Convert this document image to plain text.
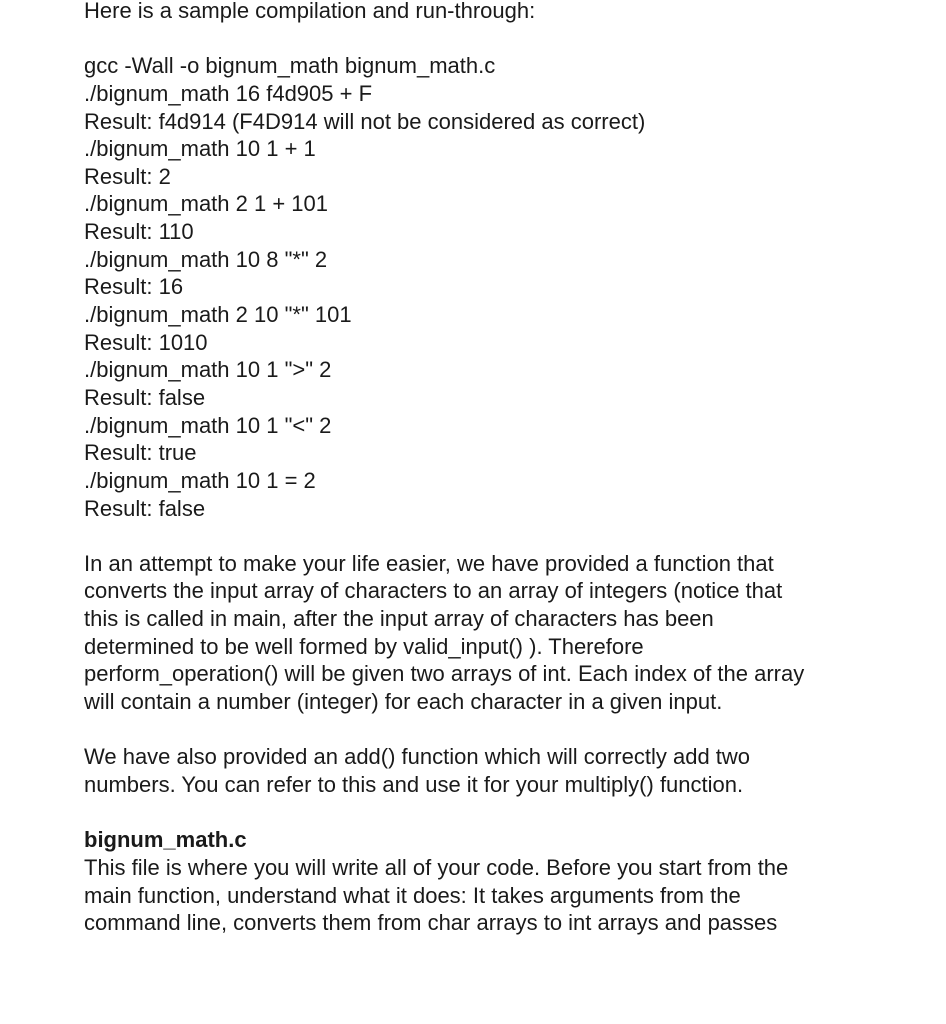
Here is a sample compilation and run-through:
gcc -Wall -o bignum_math bignum_math.c
./bignum_math 16 f4d905 + F
Result: f4d914 (F4D914 will not be considered as correct)
./bignum_math 10 1 + 1
Result: 2
./bignum_math 2 1 + 101
Result: 110
./bignum_math 10 8 "*" 2
Result: 16
./bignum_math 2 10 "*" 101
Result: 1010
./bignum_math 10 1 ">" 2
Result: false
./bignum_math 10 1 "<" 2
Result: true
./bignum_math 10 1 = 2
Result: false
In an attempt to make your life easier, we have provided a function that
converts the input array of characters to an array of integers (notice that
this is called in main, after the input array of characters has been
determined to be well formed by valid_input() ). Therefore
perform_operation() will be given two arrays of int. Each index of the array
will contain a number (integer) for each character in a given input.
We have also provided an add() function which will correctly add two
numbers. You can refer to this and use it for your multiply() function.
bignum_math.c
This file is where you will write all of your code. Before you start from the
main function, understand what it does: It takes arguments from the
command line, converts them from char arrays to int arrays and passes
